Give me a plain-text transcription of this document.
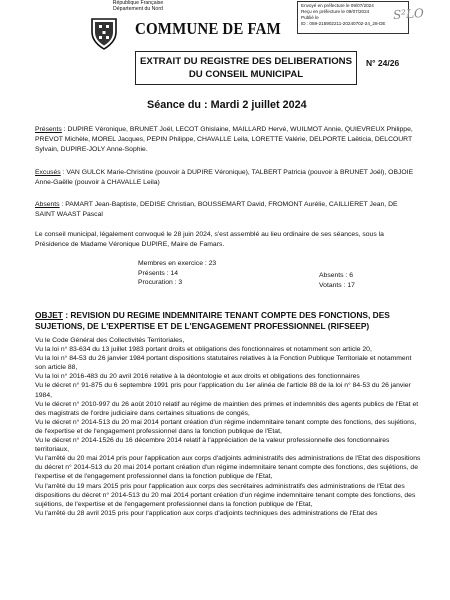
République Française
Département du Nord
COMMUNE DE FAM
Envoyé en préfecture le 09/07/2024
Reçu en préfecture le 09/07/2024
Publié le
ID : 059-215902211-20240702-24_28-DE
S²LO
EXTRAIT DU REGISTRE DES DELIBERATIONS
DU CONSEIL MUNICIPAL
N° 24/26
Séance du : Mardi 2 juillet 2024
Présents : DUPIRE Véronique, BRUNET Joël, LECOT Ghislaine, MAILLARD Hervé, WUILMOT Annie, QUIEVREUX Philippe, PREVOT Michèle, MOREL Jacques, PEPIN Philippe, CHAVALLE Leila, LORETTE Valérie, DELPORTE Laëticia, DELCOURT Sylvain, DUPIRE-JOLY Anne-Sophie.
Excusés : VAN GULCK Marie-Christine (pouvoir à DUPIRE Véronique), TALBERT Patricia (pouvoir à BRUNET Joël), OBJOIE Anne-Gaëlle (pouvoir à CHAVALLE Leila)
Absents : PAMART Jean-Baptiste, DEDISE Christian, BOUSSEMART David, FROMONT Aurélie, CAILLIERET Jean, DE SAINT WAAST Pascal
Le conseil municipal, légalement convoqué le 28 juin 2024, s'est assemblé au lieu ordinaire de ses séances, sous la Présidence de Madame Véronique DUPIRE, Maire de Famars.
Membres en exercice : 23
Présents : 14
Procuration : 3
Absents : 6
Votants : 17
OBJET : REVISION DU REGIME INDEMNITAIRE TENANT COMPTE DES FONCTIONS, DES SUJETIONS, DE L'EXPERTISE ET DE L'ENGAGEMENT PROFESSIONNEL (RIFSEEP)

Vu le Code Général des Collectivités Territoriales,

Vu la loi n° 83-634 du 13 juillet 1983 portant droits et obligations des fonctionnaires et notamment son article 20,

Vu la loi n° 84-53 du 26 janvier 1984 portant dispositions statutaires relatives à la Fonction Publique Territoriale et notamment son article 88,

Vu la loi n° 2016-483 du 20 avril 2016 relative à la déontologie et aux droits et obligations des fonctionnaires

Vu le décret n° 91-875 du 6 septembre 1991 pris pour l'application du 1er alinéa de l'article 88 de la loi n° 84-53 du 26 janvier 1984,

Vu le décret n° 2010-997 du 26 août 2010 relatif au régime de maintien des primes et indemnités des agents publics de l'Etat et des magistrats de l'ordre judiciaire dans certaines situations de congés,

Vu le décret n° 2014-513 du 20 mai 2014 portant création d'un régime indemnitaire tenant compte des fonctions, des sujétions, de l'expertise et de l'engagement professionnel dans la fonction publique de l'Etat,

Vu le décret n° 2014-1526 du 16 décembre 2014 relatif à l'appréciation de la valeur professionnelle des fonctionnaires territoriaux,

Vu l'arrêté du 20 mai 2014 pris pour l'application aux corps d'adjoints administratifs des administrations de l'Etat des dispositions du décret n° 2014-513 du 20 mai 2014 portant création d'un régime indemnitaire tenant compte des fonctions, des sujétions, de l'expertise et de l'engagement professionnel dans la fonction publique de l'Etat,

Vu l'arrêté du 19 mars 2015 pris pour l'application aux corps des secrétaires administratifs des administrations de l'Etat des dispositions du décret n° 2014-513 du 20 mai 2014 portant création d'un régime indemnitaire tenant compte des fonctions, des sujétions, de l'expertise et de l'engagement professionnel dans la fonction publique de l'Etat,

Vu l'arrêté du 28 avril 2015 pris pour l'application aux corps d'adjoints techniques des administrations de l'Etat des
